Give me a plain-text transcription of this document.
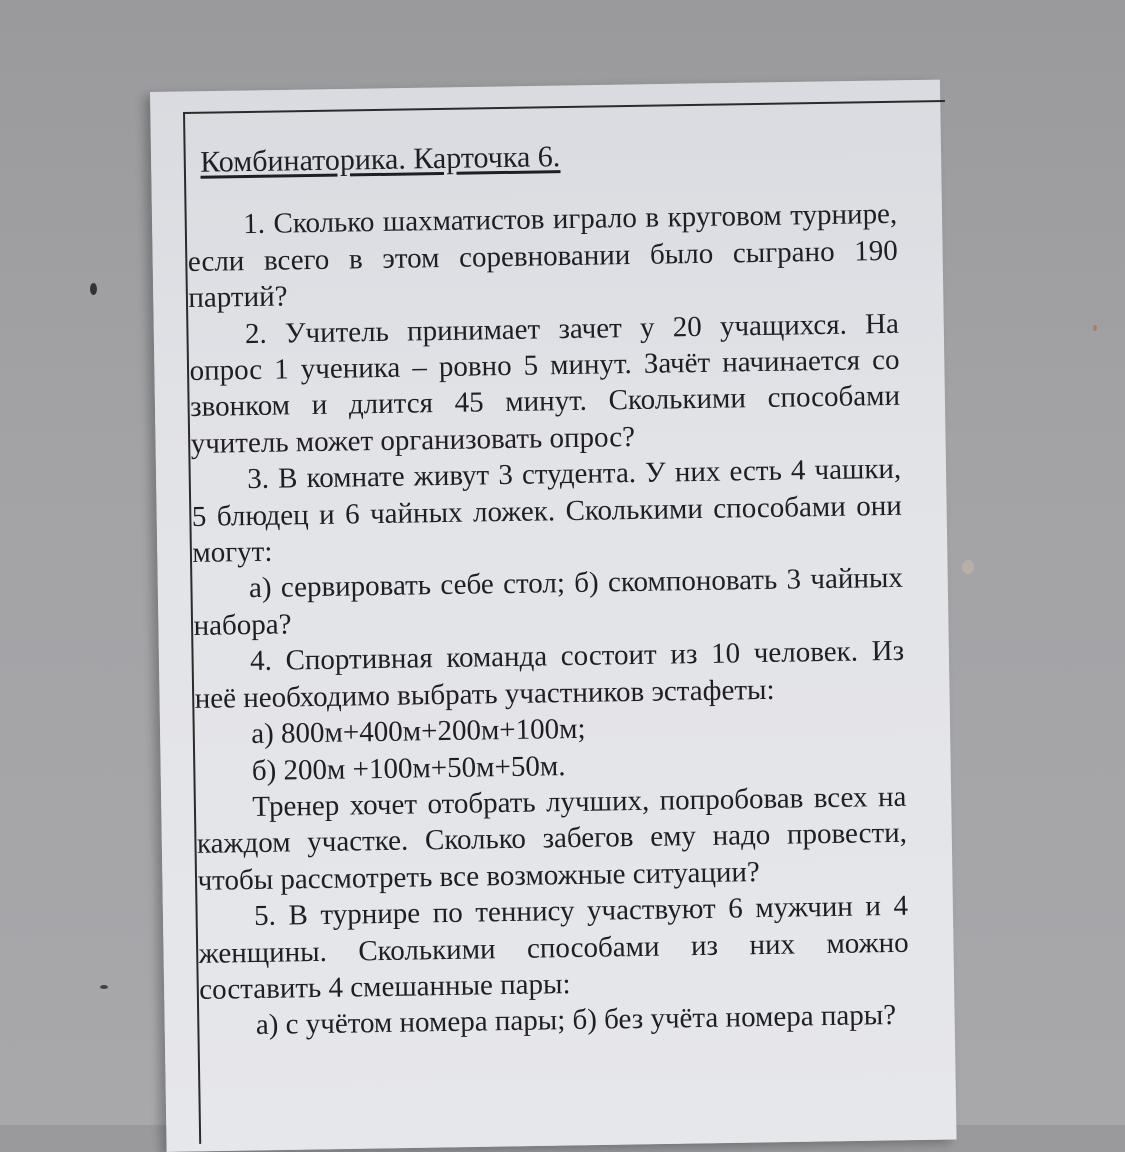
Комбинаторика. Карточка 6.

1. Сколько шахматистов играло в круговом турнире, если всего в этом соревновании было сыграно 190 партий?

2. Учитель принимает зачет у 20 учащихся. На опрос 1 ученика – ровно 5 минут. Зачёт начинается со звонком и длится 45 минут. Сколькими способами учитель может организовать опрос?

3. В комнате живут 3 студента. У них есть 4 чашки, 5 блюдец и 6 чайных ложек. Сколькими способами они могут:

а) сервировать себе стол; б) скомпоновать 3 чайных набора?

4. Спортивная команда состоит из 10 человек. Из неё необходимо выбрать участников эстафеты:

а) 800м+400м+200м+100м;

б) 200м +100м+50м+50м.

Тренер хочет отобрать лучших, попробовав всех на каждом участке. Сколько забегов ему надо провести, чтобы рассмотреть все возможные ситуации?

5. В турнире по теннису участвуют 6 мужчин и 4 женщины. Сколькими способами из них можно составить 4 смешанные пары:

а) с учётом номера пары; б) без учёта номера пары?
